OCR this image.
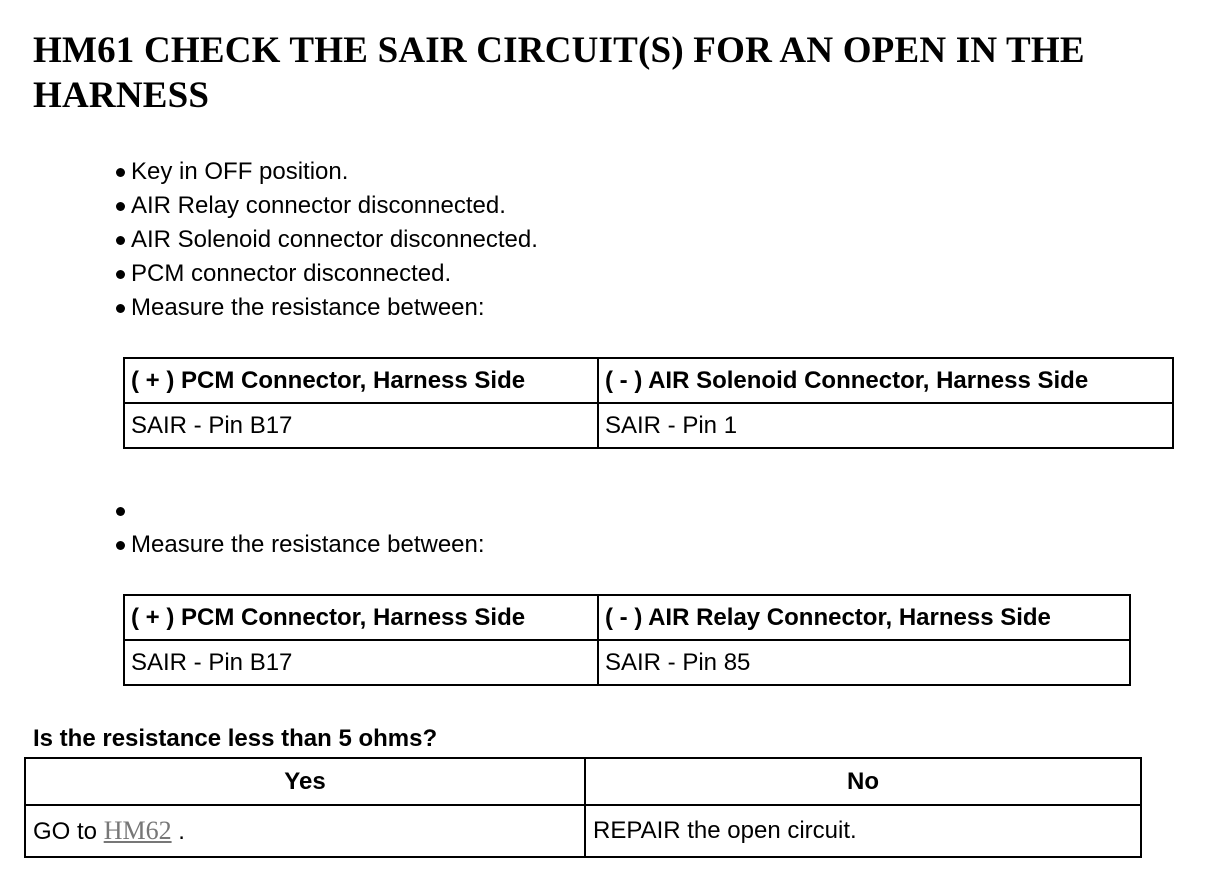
HM61 CHECK THE SAIR CIRCUIT(S) FOR AN OPEN IN THE HARNESS
Key in OFF position.
AIR Relay connector disconnected.
AIR Solenoid connector disconnected.
PCM connector disconnected.
Measure the resistance between:
( + ) PCM Connector, Harness Side	( - ) AIR Solenoid Connector, Harness Side
SAIR - Pin B17	SAIR - Pin 1
Measure the resistance between:
( + ) PCM Connector, Harness Side	( - ) AIR Relay Connector, Harness Side
SAIR - Pin B17	SAIR - Pin 85

Is the resistance less than 5 ohms?

Yes	No
GO to HM62 .	REPAIR the open circuit.
